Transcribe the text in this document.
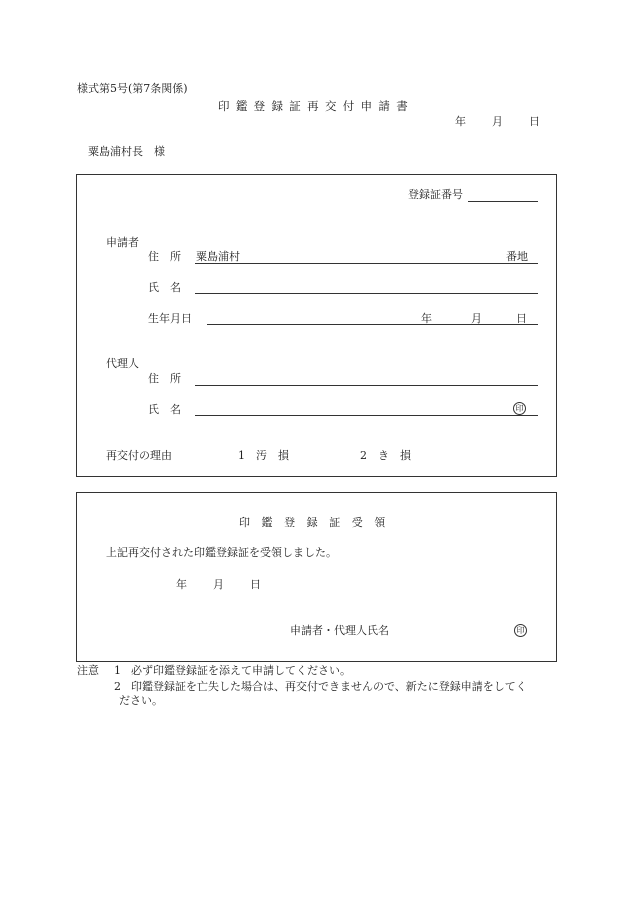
様式第5号(第7条関係)
印鑑登録証再交付申請書
年 月 日
粟島浦村長　様
登録証番号
申請者
住　所 粟島浦村	番地
氏　名
生年月日	年	月	日
代理人
住　所
氏　名	印
再交付の理由	1　汚　損	2　き　損
印鑑登録証受領
上記再交付された印鑑登録証を受領しました。
年 月 日
申請者・代理人氏名	印
注意 1 必ず印鑑登録証を添えて申請してください。
2 印鑑登録証を亡失した場合は、再交付できませんので、新たに登録申請をしてく
ださい。
